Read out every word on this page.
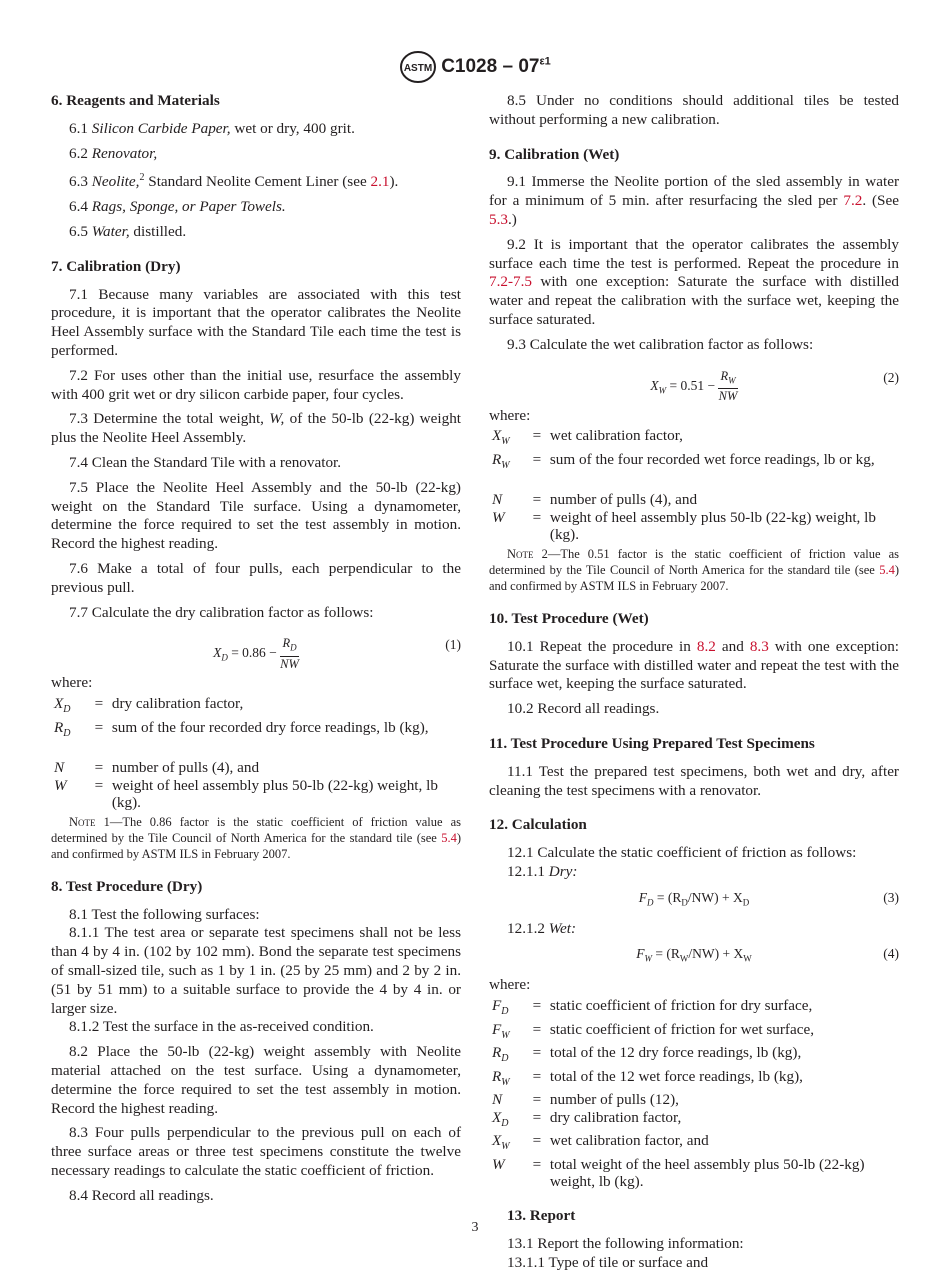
ASTM $C1028 - 07^{\varepsilon 1}$
6. Reagents and Materials
6.1 Silicon Carbide Paper, wet or dry, 400 grit.
6.2 Renovator,
6.3 Neolite,$^2$ Standard Neolite Cement Liner (see 2.1).
6.4 Rags, Sponge, or Paper Towels.
6.5 Water, distilled.
7. Calibration (Dry)
7.1 Because many variables are associated with this test procedure, it is important that the operator calibrates the Neolite Heel Assembly surface with the Standard Tile each time the test is performed.
7.2 For uses other than the initial use, resurface the assembly with 400 grit wet or dry silicon carbide paper, four cycles.
7.3 Determine the total weight, W, of the 50-lb (22-kg) weight plus the Neolite Heel Assembly.
7.4 Clean the Standard Tile with a renovator.
7.5 Place the Neolite Heel Assembly and the 50-lb (22-kg) weight on the Standard Tile surface. Using a dynamometer, determine the force required to set the test assembly in motion. Record the highest reading.
7.6 Make a total of four pulls, each perpendicular to the previous pull.
7.7 Calculate the dry calibration factor as follows:
$X_D = 0.86 - \frac{R_D}{NW}$	(1)
where:
$X_D$	=	dry calibration factor,
$R_D$	=	sum of the four recorded dry force readings, lb (kg),

N	=	number of pulls (4), and
W	=	weight of heel assembly plus 50-lb (22-kg) weight, lb (kg).
Note 1—The 0.86 factor is the static coefficient of friction value as determined by the Tile Council of North America for the standard tile (see 5.4) and confirmed by ASTM ILS in February 2007.
8. Test Procedure (Dry)
8.1 Test the following surfaces:
8.1.1 The test area or separate test specimens shall not be less than 4 by 4 in. (102 by 102 mm). Bond the separate test specimens of small-sized tile, such as 1 by 1 in. (25 by 25 mm) and 2 by 2 in. (51 by 51 mm) to a suitable surface to provide the 4 by 4 in. or larger size.
8.1.2 Test the surface in the as-received condition.
8.2 Place the 50-lb (22-kg) weight assembly with Neolite material attached on the test surface. Using a dynamometer, determine the force required to set the test assembly in motion. Record the highest reading.
8.3 Four pulls perpendicular to the previous pull on each of three surface areas or three test specimens constitute the twelve necessary readings to calculate the static coefficient of friction.
8.4 Record all readings.
8.5 Under no conditions should additional tiles be tested without performing a new calibration.
9. Calibration (Wet)
9.1 Immerse the Neolite portion of the sled assembly in water for a minimum of 5 min. after resurfacing the sled per 7.2. (See 5.3.)
9.2 It is important that the operator calibrates the assembly surface each time the test is performed. Repeat the procedure in 7.2-7.5 with one exception: Saturate the surface with distilled water and repeat the calibration with the surface wet, keeping the surface saturated.
9.3 Calculate the wet calibration factor as follows:
$X_W = 0.51 - \frac{R_W}{NW}$	(2)
where:
$X_W$	=	wet calibration factor,
$R_W$	=	sum of the four recorded wet force readings, lb or kg,

N	=	number of pulls (4), and
W	=	weight of heel assembly plus 50-lb (22-kg) weight, lb (kg).
Note 2—The 0.51 factor is the static coefficient of friction value as determined by the Tile Council of North America for the standard tile (see 5.4) and confirmed by ASTM ILS in February 2007.
10. Test Procedure (Wet)
10.1 Repeat the procedure in 8.2 and 8.3 with one exception: Saturate the surface with distilled water and repeat the test with the surface wet, keeping the surface saturated.
10.2 Record all readings.
11. Test Procedure Using Prepared Test Specimens
11.1 Test the prepared test specimens, both wet and dry, after cleaning the test specimens with a renovator.
12. Calculation
12.1 Calculate the static coefficient of friction as follows:
12.1.1 Dry:
$F_D = (R_D/NW) + X_D$	(3)
12.1.2 Wet:
$F_W = (R_W/NW) + X_W$	(4)
where:
$F_D$	=	static coefficient of friction for dry surface,
$F_W$	=	static coefficient of friction for wet surface,
$R_D$	=	total of the 12 dry force readings, lb (kg),
$R_W$	=	total of the 12 wet force readings, lb (kg),
N	=	number of pulls (12),
$X_D$	=	dry calibration factor,
$X_W$	=	wet calibration factor, and
W	=	total weight of the heel assembly plus 50-lb (22-kg) weight, lb (kg).
13. Report
13.1 Report the following information:
13.1.1 Type of tile or surface and
3
